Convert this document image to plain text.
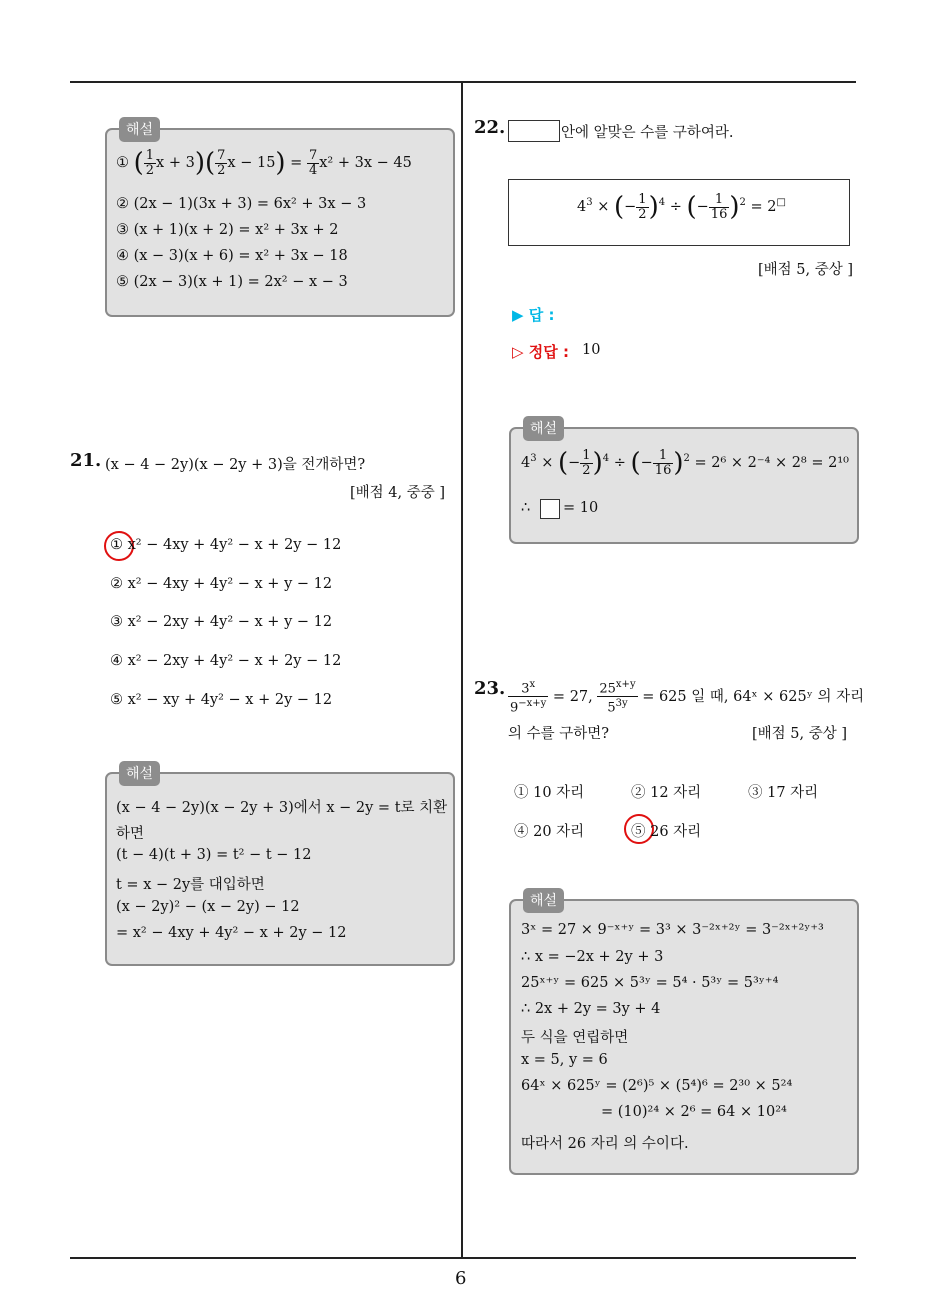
6
해설
① ( $\frac{1}{2}$ $x + 3)( \frac{7}{2}$ $x - 15) = \frac{7}{4} x^2 + 3x - 45$
② (2x − 1)(3x + 3) = 6x² + 3x − 3
③ (x + 1)(x + 2) = x² + 3x + 2
④ (x − 3)(x + 6) = x² + 3x − 18
⑤ (2x − 3)(x + 1) = 2x² − x − 3
21. (x − 4 − 2y)(x − 2y + 3)을 전개하면?
[배점 4, 중중 ]
① x² − 4xy + 4y² − x + 2y − 12
② x² − 4xy + 4y² − x + y − 12
③ x² − 2xy + 4y² − x + y − 12
④ x² − 2xy + 4y² − x + 2y − 12
⑤ x² − xy + 4y² − x + 2y − 12
해설
(x − 4 − 2y)(x − 2y + 3)에서 x − 2y = t로 치환
하면
(t − 4)(t + 3) = t² − t − 12
t = x − 2y를 대입하면
(x − 2y)² − (x − 2y) − 12
= x² − 4xy + 4y² − x + 2y − 12
22.	안에 알맞은 수를 구하여라.
$4^3$ × (− $\frac{1}{2} )^4$ ÷ (− $\frac{1}{16} )^2 = 2^□$
[배점 5, 중상 ]
▶ 답 :
▷ 정답 : 10
해설
$4^3$ × (− $\frac{1}{2} )^4$ ÷ (− $\frac{1}{16} )^2 = 2^6 \times 2^{-4} \times 2^8 = 2^{10}$
∴ = 10
23. $\frac{3^x}{9^{-x+y}} = 27$, $\frac{25^{x+y}}{5^{3y}} = 625$ 일 때, 64ˣ × 625ʸ 의 자리
의 수를 구하면?	[배점 5, 중상 ]
① 10 자리	② 12 자리	③ 17 자리
④ 20 자리	⑤ 26 자리
해설
3ˣ = 27 × 9⁻ˣ⁺ʸ = 3³ × 3⁻²ˣ⁺²ʸ = 3⁻²ˣ⁺²ʸ⁺³
∴ x = −2x + 2y + 3
25ˣ⁺ʸ = 625 × 5³ʸ = 5⁴ · 5³ʸ = 5³ʸ⁺⁴
∴ 2x + 2y = 3y + 4
두 식을 연립하면
x = 5, y = 6
64ˣ × 625ʸ = (2⁶)⁵ × (5⁴)⁶ = 2³⁰ × 5²⁴
= (10)²⁴ × 2⁶ = 64 × 10²⁴
따라서 26 자리 의 수이다.
